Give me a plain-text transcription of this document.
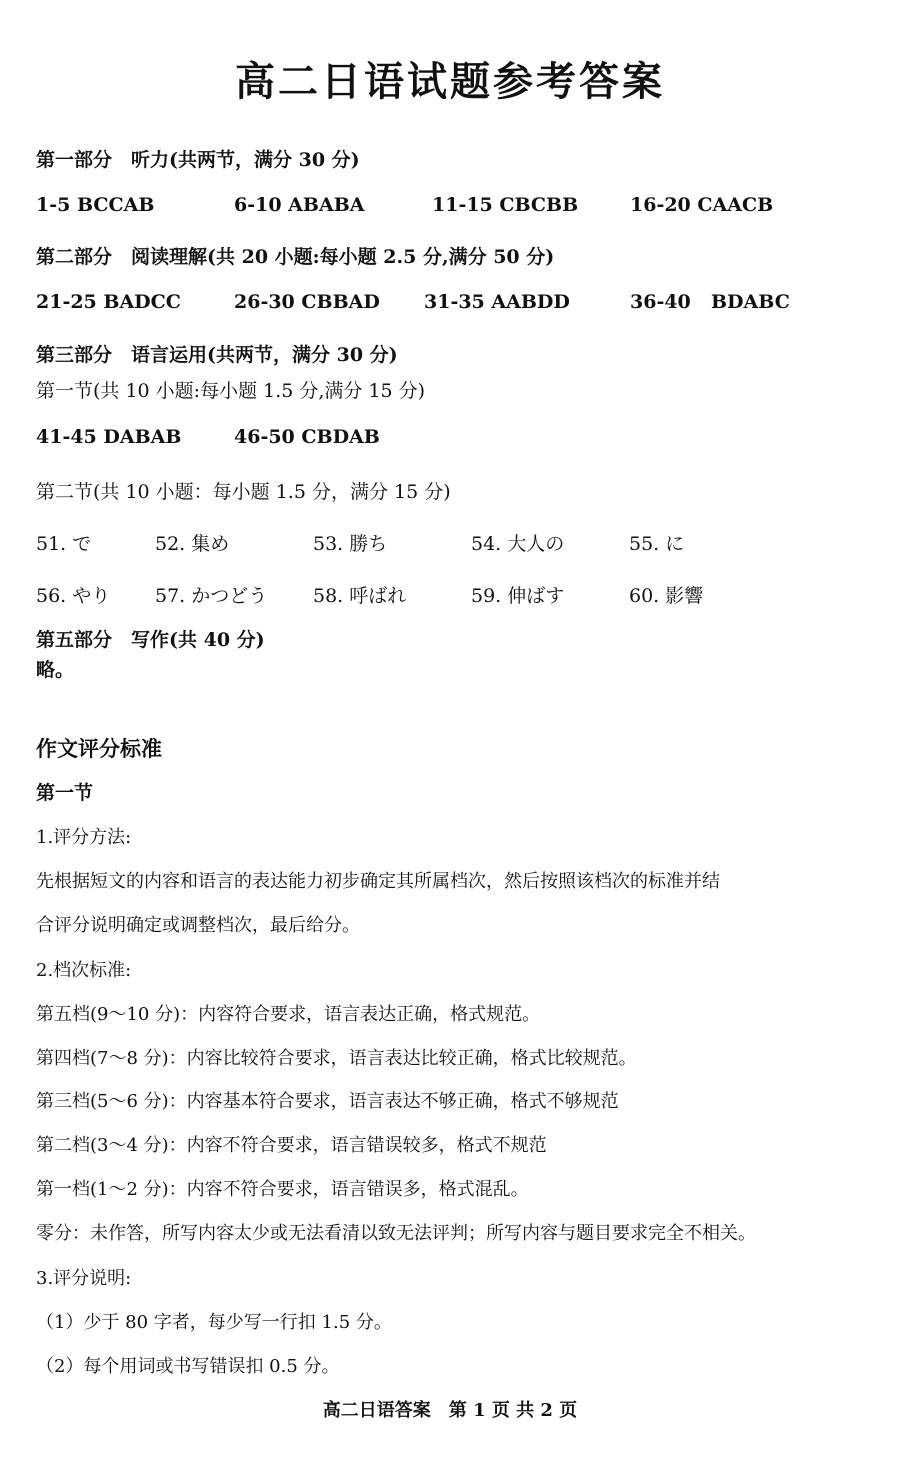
高二日语试题参考答案
第一部分　听力(共两节，满分 30 分)
1-5 BCCAB	6-10 ABABA	11-15 CBCBB	16-20 CAACB
第二部分　阅读理解(共 20 小题:每小题 2.5 分,满分 50 分)
21-25 BADCC	26-30 CBBAD 31-35 AABDD	36-40 BDABC
第三部分　语言运用(共两节，满分 30 分)
第一节(共 10 小题:每小题 1.5 分,满分 15 分)
41-45 DABAB	46-50 CBDAB
第二节(共 10 小题：每小题 1.5 分，满分 15 分)
51. で	52. 集め	53. 勝ち	54. 大人の	55. に
56. やり 57. かつどう 58. 呼ばれ	59. 伸ばす	60. 影響
第五部分　写作(共 40 分)
略。
作文评分标准
第一节
1.评分方法:
先根据短文的内容和语言的表达能力初步确定其所属档次，然后按照该档次的标准并结
合评分说明确定或调整档次，最后给分。
2.档次标准:
第五档(9～10 分)：内容符合要求，语言表达正确，格式规范。
第四档(7～8 分)：内容比较符合要求，语言表达比较正确，格式比较规范。
第三档(5～6 分)：内容基本符合要求，语言表达不够正确，格式不够规范
第二档(3～4 分)：内容不符合要求，语言错误较多，格式不规范
第一档(1～2 分)：内容不符合要求，语言错误多，格式混乱。
零分：未作答，所写内容太少或无法看清以致无法评判；所写内容与题目要求完全不相关。
3.评分说明:
（1）少于 80 字者，每少写一行扣 1.5 分。
（2）每个用词或书写错误扣 0.5 分。
高二日语答案　第 1 页 共 2 页
